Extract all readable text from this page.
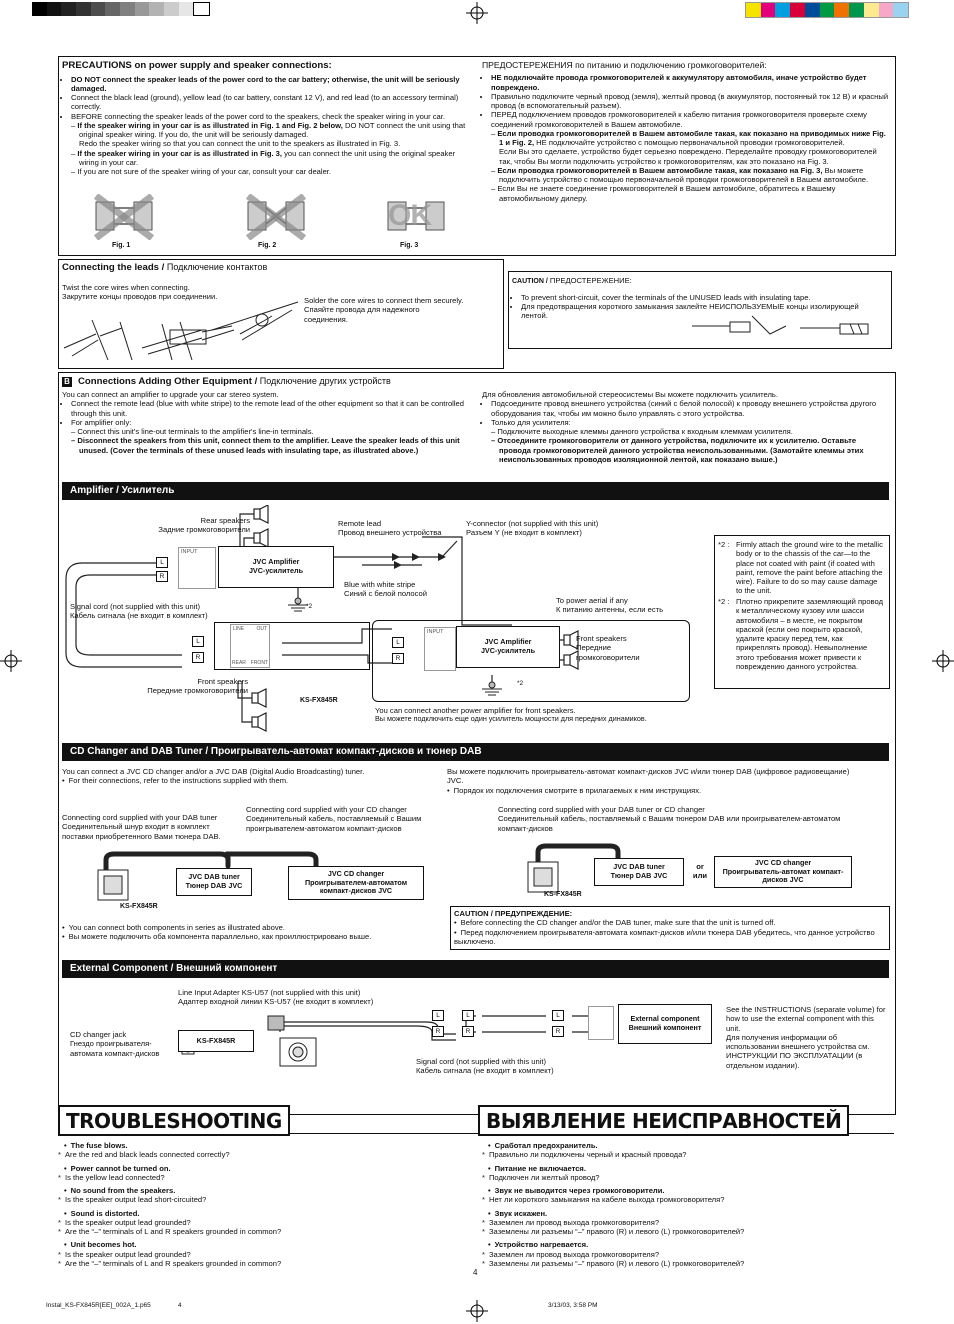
PRECAUTIONS on power supply and speaker connections:
• DO NOT connect the speaker leads of the power cord to the car battery; otherwise, the unit will be seriously damaged.
• Connect the black lead (ground), yellow lead (to car battery, constant 12 V), and red lead (to an accessory terminal) correctly.
• BEFORE connecting the speaker leads of the power cord to the speakers, check the speaker wiring in your car.
– If the speaker wiring in your car is as illustrated in Fig. 1 and Fig. 2 below, DO NOT connect the unit using that original speaker wiring. If you do, the unit will be seriously damaged.
Redo the speaker wiring so that you can connect the unit to the speakers as illustrated in Fig. 3.
– If the speaker wiring in your car is as illustrated in Fig. 3, you can connect the unit using the original speaker wiring in your car.
– If you are not sure of the speaker wiring of your car, consult your car dealer.
ПРЕДОСТЕРЕЖЕНИЯ по питанию и подключению громкоговорителей:
• НЕ подключайте провода громкоговорителей к аккумулятору автомобиля, иначе устройство будет повреждено.
• Правильно подключите черный провод (земля), желтый провод (в аккумулятор, постоянный ток 12 В) и красный провод (в вспомогательный разъем).
• ПЕРЕД подключением проводов громкоговорителей к кабелю питания громкоговорителя проверьте схему соединений громкоговорителей в Вашем автомобиле.
– Если проводка громкоговорителей в Вашем автомобиле такая, как показано на приводимых ниже Fig. 1 и Fig. 2, НЕ подключайте устройство с помощью первоначальной проводки громкоговорителей.
Если Вы это сделаете, устройство будет серьезно повреждено. Переделайте проводку громкоговорителей так, чтобы Вы могли подключить устройство к громкоговорителям, как это показано на Fig. 3.
– Если проводка громкоговорителей в Вашем автомобиле такая, как показано на Fig. 3, Вы можете подключить устройство с помощью первоначальной проводки громкоговорителей в Вашем автомобиле.
– Если Вы не знаете соединение громкоговорителей в Вашем автомобиле, обратитесь к Вашему автомобильному дилеру.
Fig. 1	Fig. 2
OK
Fig. 3
Connecting the leads / Подключение контактов
Twist the core wires when connecting.
Закрутите концы проводов при соединении.	Solder the core wires to connect them securely.
Спаяйте провода для надежного соединения.
CAUTION / ПРЕДОСТЕРЕЖЕНИЕ:
• To prevent short-circuit, cover the terminals of the UNUSED leads with insulating tape.
• Для предотвращения короткого замыкания заклейте НЕИСПОЛЬЗУЕМЫЕ концы изолирующей лентой.
B Connections Adding Other Equipment / Подключение других устройств
You can connect an amplifier to upgrade your car stereo system.
• Connect the remote lead (blue with white stripe) to the remote lead of the other equipment so that it can be controlled through this unit.
• For amplifier only:
– Connect this unit's line-out terminals to the amplifier's line-in terminals.
– Disconnect the speakers from this unit, connect them to the amplifier. Leave the speaker leads of this unit unused. (Cover the terminals of these unused leads with insulating tape, as illustrated above.)
Для обновления автомобильной стереосистемы Вы можете подключить усилитель.
• Подсоедините провод внешнего устройства (синий с белой полосой) к проводу внешнего устройства другого оборудования так, чтобы им можно было управлять с этого устройства.
• Только для усилителя:
– Подключите выходные клеммы данного устройства к входным клеммам усилителя.
– Отсоедините громкоговорители от данного устройства, подключите их к усилителю. Оставьте провода громкоговорителей данного устройства неиспользованными. (Замотайте клеммы этих неиспользованных проводов изоляционной лентой, как показано выше.)
Amplifier / Усилитель
Rear speakers
Задние громкоговорители
Remote lead
Провод внешнего устройства
Y-connector (not supplied with this unit)
Разъем Y (не входит в комплект)
INPUT
L
R
JVC Amplifier
JVC-усилитель
Blue with white stripe
Синий с белой полосой
*2
Signal cord (not supplied with this unit)
Кабель сигнала (не входит в комплект)
To power aerial if any
К питанию антенны, если есть
L
R
LINE OUT
REAR FRONT
KS-FX845R
Front speakers
Передние громкоговорители
L
R
INPUT
JVC Amplifier
JVC-усилитель
Front speakers
Передние
громкоговорители
*2
You can connect another power amplifier for front speakers.
Вы можете подключить еще один усилитель мощности для передних динамиков.
*2 : Firmly attach the ground wire to the metallic body or to the chassis of the car—to the place not coated with paint (if coated with paint, remove the paint before attaching the wire). Failure to do so may cause damage to the unit.
*2 : Плотно прикрепите заземляющий провод к металлическому кузову или шасси автомобиля – в месте, не покрытом краской (если оно покрыто краской, удалите краску перед тем, как прикреплять провод). Невыполнение этого требования может привести к повреждению данного устройства.
CD Changer and DAB Tuner / Проигрыватель-автомат компакт-дисков и тюнер DAB
You can connect a JVC CD changer and/or a JVC DAB (Digital Audio Broadcasting) tuner.
• For their connections, refer to the instructions supplied with them.
Вы можете подключить проигрыватель-автомат компакт-дисков JVC и/или тюнер DAB (цифровое радиовещание) JVC.
• Порядок их подключения смотрите в прилагаемых к ним инструкциях.
Connecting cord supplied with your DAB tuner
Соединительный шнур входит в комплект поставки приобретенного Вами тюнера DAB.
Connecting cord supplied with your CD changer
Соединительный кабель, поставляемый с Вашим проигрывателем-автоматом компакт-дисков
JVC DAB tuner
Тюнер DAB JVC
JVC CD changer
Проигрывателем-автоматом компакт-дисков JVC
KS-FX845R
Connecting cord supplied with your DAB tuner or CD changer
Соединительный кабель, поставляемый с Вашим тюнером DAB или проигрывателем-автоматом компакт-дисков
JVC DAB tuner
Тюнер DAB JVC
or
или
JVC CD changer
Проигрыватель-автомат компакт-дисков JVC
KS-FX845R
• You can connect both components in series as illustrated above.
• Вы можете подключить оба компонента параллельно, как проиллюстрировано выше.
CAUTION / ПРЕДУПРЕЖДЕНИЕ:
• Before connecting the CD changer and/or the DAB tuner, make sure that the unit is turned off.
• Перед подключением проигрывателя-автомата компакт-дисков и/или тюнера DAB убедитесь, что данное устройство выключено.
External Component / Внешний компонент
Line Input Adapter KS-U57 (not supplied with this unit)
Адаптер входной линии KS-U57 (не входит в комплект)
CD changer jack
Гнездо проигрывателя-автомата компакт-дисков
KS-FX845R
L
R
L
R
L
R
External component
Внешний компонент
Signal cord (not supplied with this unit)
Кабель сигнала (не входит в комплект)
See the INSTRUCTIONS (separate volume) for how to use the external component with this unit.
Для получения информации об использовании внешнего устройства см. ИНСТРУКЦИИ ПО ЭКСПЛУАТАЦИИ (в отдельном издании).
TROUBLESHOOTING	ВЫЯВЛЕНИЕ НЕИСПРАВНОСТЕЙ
• The fuse blows.
* Are the red and black leads connected correctly?
• Power cannot be turned on.
* Is the yellow lead connected?
• No sound from the speakers.
* Is the speaker output lead short-circuited?
• Sound is distorted.
* Is the speaker output lead grounded?
* Are the “–” terminals of L and R speakers grounded in common?
• Unit becomes hot.
* Is the speaker output lead grounded?
* Are the “–” terminals of L and R speakers grounded in common?
• Сработал предохранитель.
* Правильно ли подключены черный и красный провода?
• Питание не включается.
* Подключен ли желтый провод?
• Звук не выводится через громкоговорители.
* Нет ли короткого замыкания на кабеле выхода громкоговорителя?
• Звук искажен.
* Заземлен ли провод выхода громкоговорителя?
* Заземлены ли разъемы “–” правого (R) и левого (L) громкоговорителей?
• Устройство нагревается.
* Заземлен ли провод выхода громкоговорителя?
* Заземлены ли разъемы “–” правого (R) и левого (L) громкоговорителей?
4
Instal_KS-FX845R[EE]_002A_1.p65	4	3/13/03, 3:58 PM
